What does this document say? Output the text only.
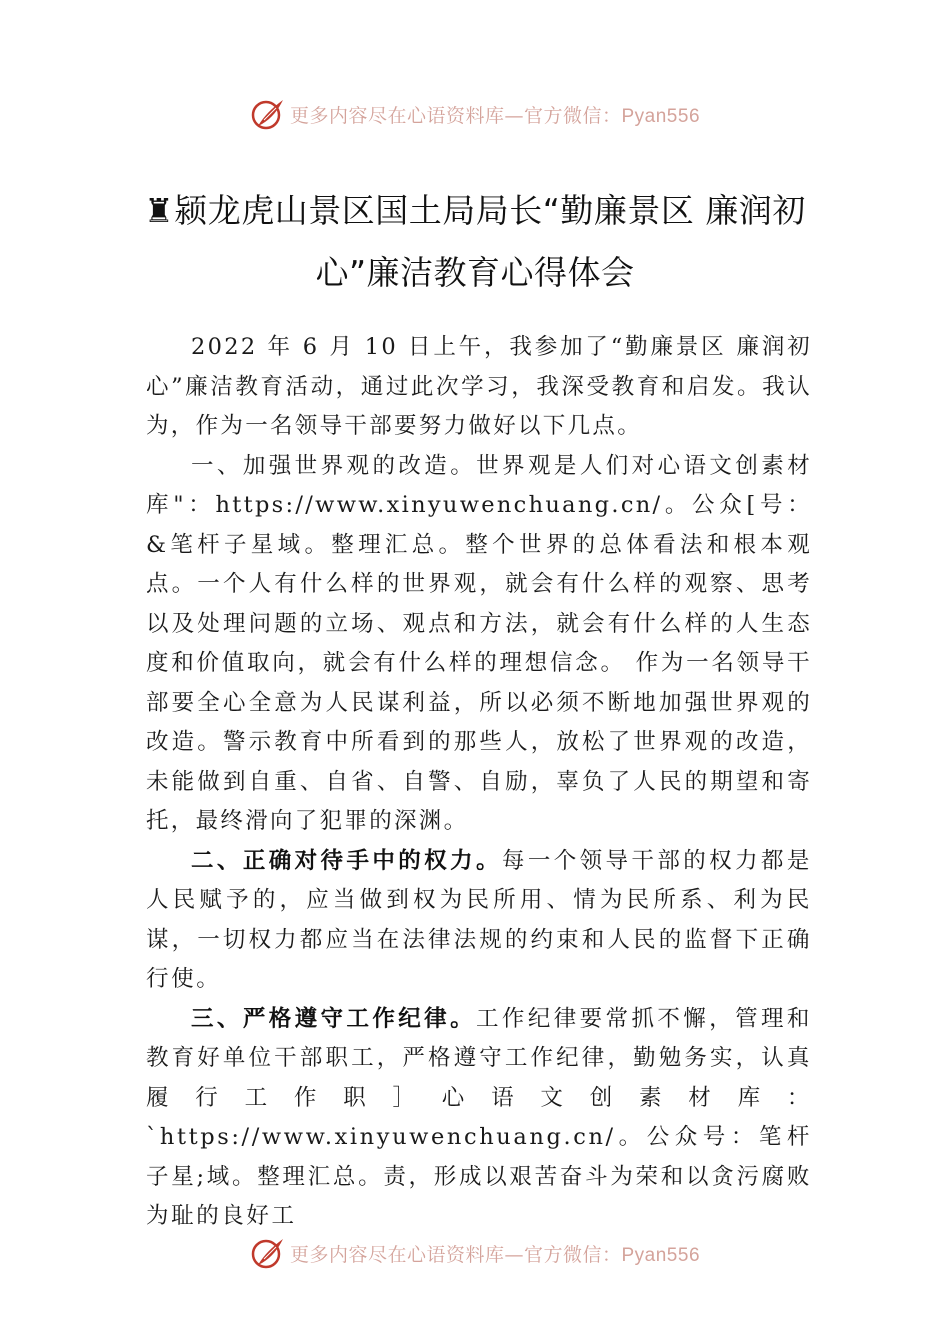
更多内容尽在心语资料库—官方微信：Pyan556
♜颍龙虎山景区国土局局长“勤廉景区 廉润初心”廉洁教育心得体会

2022 年 6 月 10 日上午，我参加了“勤廉景区 廉润初心”廉洁教育活动，通过此次学习，我深受教育和启发。我认为，作为一名领导干部要努力做好以下几点。

一、加强世界观的改造。世界观是人们对心语文创素材库"：https://www.xinyuwenchuang.cn/。公众[号：&笔杆子星域。整理汇总。整个世界的总体看法和根本观点。一个人有什么样的世界观，就会有什么样的观察、思考以及处理问题的立场、观点和方法，就会有什么样的人生态度和价值取向，就会有什么样的理想信念。 作为一名领导干部要全心全意为人民谋利益，所以必须不断地加强世界观的改造。警示教育中所看到的那些人，放松了世界观的改造，未能做到自重、自省、自警、自励，辜负了人民的期望和寄托，最终滑向了犯罪的深渊。

二、正确对待手中的权力。每一个领导干部的权力都是人民赋予的，应当做到权为民所用、情为民所系、利为民谋，一切权力都应当在法律法规的约束和人民的监督下正确行使。

三、严格遵守工作纪律。工作纪律要常抓不懈，管理和教育好单位干部职工，严格遵守工作纪律，勤勉务实，认真履行工作职］心语文创素材库：`https://www.xinyuwenchuang.cn/。公众号：笔杆子星;域。整理汇总。责，形成以艰苦奋斗为荣和以贪污腐败为耻的良好工

更多内容尽在心语资料库—官方微信：Pyan556
